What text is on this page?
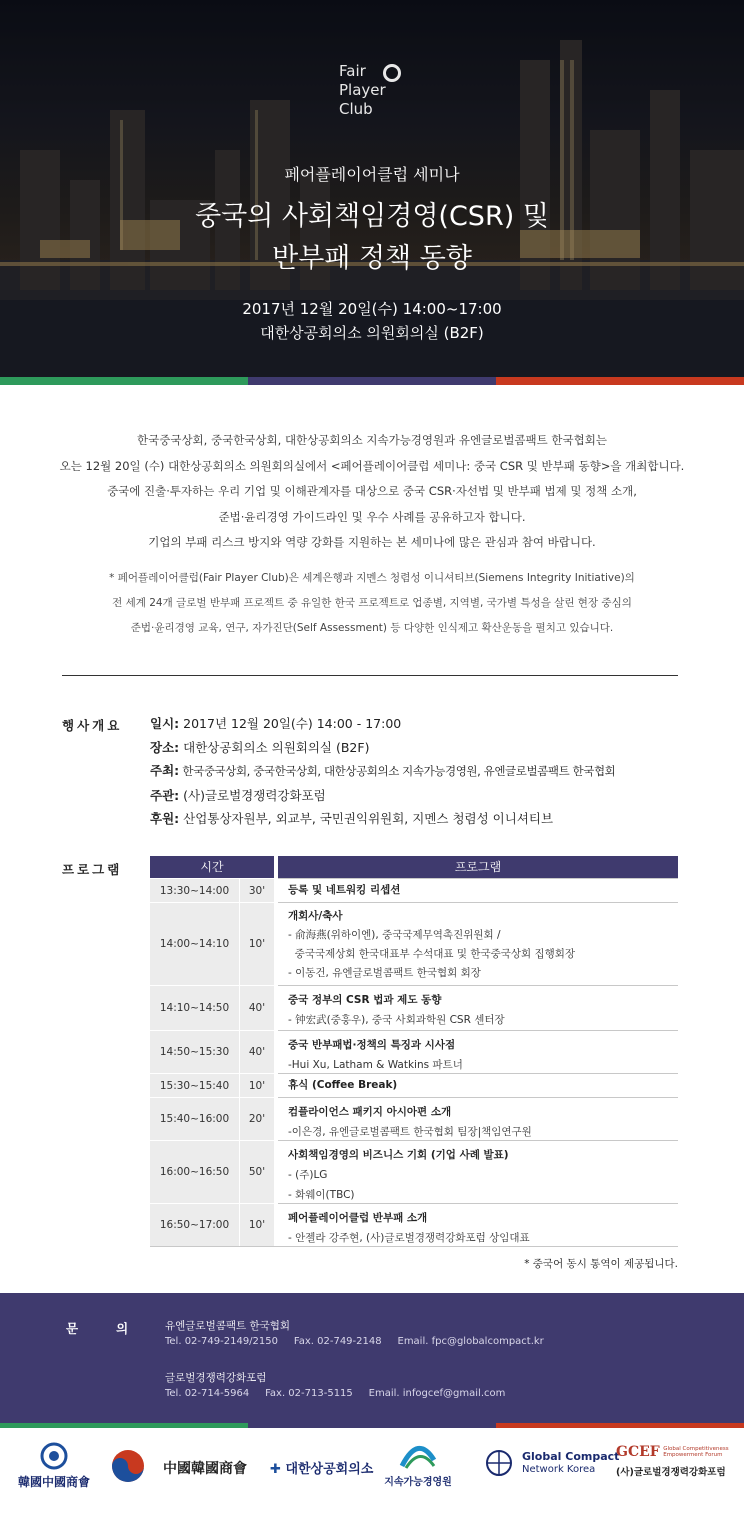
Fair
Player
Club
페어플레이어클럽 세미나
중국의 사회책임경영(CSR) 및
반부패 정책 동향
2017년 12월 20일(수) 14:00~17:00
대한상공회의소 의원회의실 (B2F)
한국중국상회, 중국한국상회, 대한상공회의소 지속가능경영원과 유엔글로벌콤팩트 한국협회는
오는 12월 20일 (수) 대한상공회의소 의원회의실에서 <페어플레이어클럽 세미나: 중국 CSR 및 반부패 동향>을 개최합니다.
중국에 진출·투자하는 우리 기업 및 이해관계자를 대상으로 중국 CSR·자선법 및 반부패 법제 및 정책 소개,
준법·윤리경영 가이드라인 및 우수 사례를 공유하고자 합니다.
기업의 부패 리스크 방지와 역량 강화를 지원하는 본 세미나에 많은 관심과 참여 바랍니다.
* 페어플레이어클럽(Fair Player Club)은 세계은행과 지멘스 청렴성 이니셔티브(Siemens Integrity Initiative)의
전 세계 24개 글로벌 반부패 프로젝트 중 유일한 한국 프로젝트로 업종별, 지역별, 국가별 특성을 살린 현장 중심의
준법·윤리경영 교육, 연구, 자가진단(Self Assessment) 등 다양한 인식제고 확산운동을 펼치고 있습니다.
행사개요 일시: 2017년 12월 20일(수) 14:00 - 17:00
장소: 대한상공회의소 의원회의실 (B2F)
주최: 한국중국상회, 중국한국상회, 대한상공회의소 지속가능경영원, 유엔글로벌콤팩트 한국협회
주관: (사)글로벌경쟁력강화포럼
후원: 산업통상자원부, 외교부, 국민권익위원회, 지멘스 청렴성 이니셔티브
프로그램	시간	프로그램
13:30~14:00	30'	등록 및 네트워킹 리셉션
14:00~14:10	10'
개회사/축사
- 俞海燕(위하이엔), 중국국제무역촉진위원회 /
중국국제상회 한국대표부 수석대표 및 한국중국상회 집행회장
- 이동건, 유엔글로벌콤팩트 한국협회 회장
14:10~14:50	40'
중국 정부의 CSR 법과 제도 동향
- 钟宏武(중훙우), 중국 사회과학원 CSR 센터장
14:50~15:30	40'
중국 반부패법·정책의 특징과 시사점
-Hui Xu, Latham & Watkins 파트너
15:30~15:40	10'	휴식 (Coffee Break)
15:40~16:00	20'
컴플라이언스 패키지 아시아편 소개
-이은경, 유엔글로벌콤팩트 한국협회 팀장|책임연구원
16:00~16:50	50'
사회책임경영의 비즈니스 기회 (기업 사례 발표)
- (주)LG
- 화웨이(TBC)
16:50~17:00	10'
페어플레이어클럽 반부패 소개
- 안젤라 강주현, (사)글로벌경쟁력강화포럼 상임대표
* 중국어 동시 통역이 제공됩니다.
문의
유엔글로벌콤팩트 한국협회
Tel. 02-749-2149/2150     Fax. 02-749-2148     Email. fpc@globalcompact.kr
글로벌경쟁력강화포럼
Tel. 02-714-5964     Fax. 02-713-5115     Email. infogcef@gmail.com
韓國中國商會
中國韓國商會 ✚ 대한상공회의소
지속가능경영원
Global Compact
Network Korea
GCEF Global Competitiveness
Empowerment Forum
(사)글로벌경쟁력강화포럼
